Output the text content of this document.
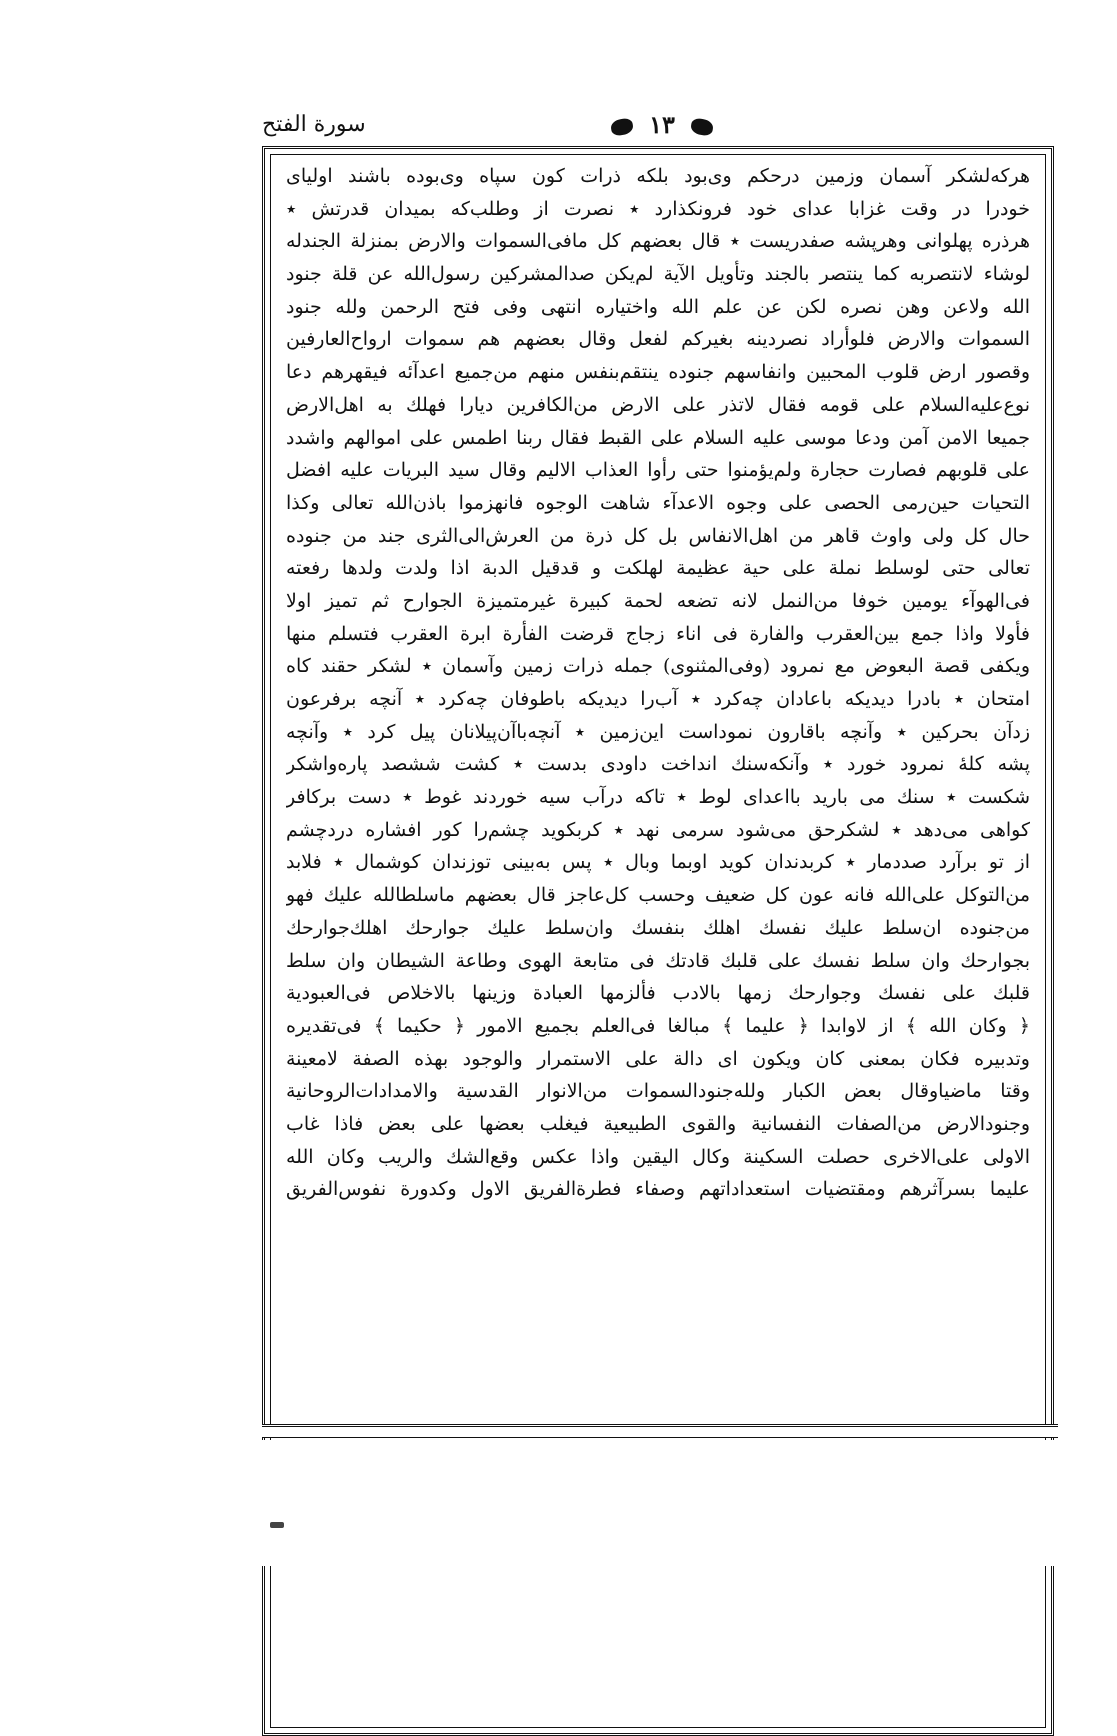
سورة الفتح	١٣
هركه‌لشكر آسمان وزمين درحكم وى‌بود بلكه ذرات كون سپاه وى‌بوده باشند اولياى
خودرا در وقت غزابا عداى خود فرونكذارد ٭ نصرت از وطلب‌كه بميدان قدرتش ٭
هرذره پهلوانى وهرپشه صفدريست ٭ قال بعضهم كل مافى‌السموات والارض بمنزلة الجندله
لوشاء لانتصربه كما ينتصر بالجند وتأويل الآية لم‌يكن صدالمشركين رسول‌الله عن قلة جنود
الله ولاعن وهن نصره لكن عن علم الله واختياره انتهى وفى فتح الرحمن ولله جنود
السموات والارض فلوأراد نصردينه بغيركم لفعل وقال بعضهم هم سموات ارواح‌العارفين
وقصور ارض قلوب المحبين وانفاسهم جنوده ينتقم‌بنفس منهم من‌جميع اعدآئه فيقهرهم دعا
نوع‌عليه‌السلام على قومه فقال لاتذر على الارض من‌الكافرين ديارا فهلك به اهل‌الارض
جميعا الامن آمن ودعا موسى عليه السلام على القبط فقال ربنا اطمس على اموالهم واشدد
على قلوبهم فصارت حجارة ولم‌يؤمنوا حتى رأوا العذاب الاليم وقال سيد البريات عليه افضل
التحيات حين‌رمى الحصى على وجوه الاعدآء شاهت الوجوه فانهزموا باذن‌الله تعالى وكذا
حال كل ولى واوث قاهر من اهل‌الانفاس بل كل ذرة من العرش‌الى‌الثرى جند من جنوده
تعالى حتى لوسلط نملة على حية عظيمة لهلكت و قدقيل الدبة اذا ولدت ولدها رفعته
فى‌الهوآء يومين خوفا من‌النمل لانه تضعه لحمة كبيرة غيرمتميزة الجوارح ثم تميز اولا
فأولا واذا جمع بين‌العقرب والفارة فى اناء زجاج قرضت الفأرة ابرة العقرب فتسلم منها
ويكفى قصة البعوض مع نمرود (وفى‌المثنوى) جمله ذرات زمين وآسمان ٭ لشكر حقند كاه
امتحان ٭ بادرا ديديكه باعادان چه‌كرد ٭ آب‌را ديديكه باطوفان چه‌كرد ٭ آنچه برفرعون
زدآن بحركين ٭ وآنچه باقارون نموداست اين‌زمين ٭ آنچه‌باآن‌پيلانان پيل كرد ٭ وآنچه
پشه كلهٔ نمرود خورد ٭ وآنكه‌سنك انداخت داودى بدست ٭ كشت ششصد پاره‌واشكر
شكست ٭ سنك مى باريد بااعداى لوط ٭ تاكه درآب سيه خوردند غوط ٭ دست بركافر
كواهى مى‌دهد ٭ لشكرحق مى‌شود سرمى نهد ٭ كربكويد چشم‌را كور افشاره دردچشم
از تو برآرد صددمار ٭ كربدندان كويد اوبما وبال ٭ پس به‌بينى توزندان كوشمال ٭ فلابد
من‌التوكل على‌الله فانه عون كل ضعيف وحسب كل‌عاجز قال بعضهم ماسلطالله عليك فهو
من‌جنوده ان‌سلط عليك نفسك اهلك بنفسك وان‌سلط عليك جوارحك اهلك‌جوارحك
بجوارحك وان سلط نفسك على قلبك قادتك فى متابعة الهوى وطاعة الشيطان وان سلط
قلبك على نفسك وجوارحك زمها بالادب فألزمها العبادة وزينها بالاخلاص فى‌العبودية
﴿ وكان الله ﴾ از لاوابدا ﴿ عليما ﴾ مبالغا فى‌العلم بجميع الامور ﴿ حكيما ﴾ فى‌تقديره
وتدبيره فكان بمعنى كان ويكون اى دالة على الاستمرار والوجود بهذه الصفة لامعينة
وقتا ماضياوقال بعض الكبار ولله‌جنودالسموات من‌الانوار القدسية والامدادات‌الروحانية
وجنود‌الارض من‌الصفات النفسانية والقوى الطبيعية فيغلب بعضها على بعض فاذا غاب
الاولى على‌الاخرى حصلت السكينة وكال اليقين واذا عكس وقع‌الشك والريب وكان الله
عليما بسرآثرهم ومقتضيات استعداداتهم وصفاء فطرةالفريق الاول وكدورة نفوس‌الفريق
